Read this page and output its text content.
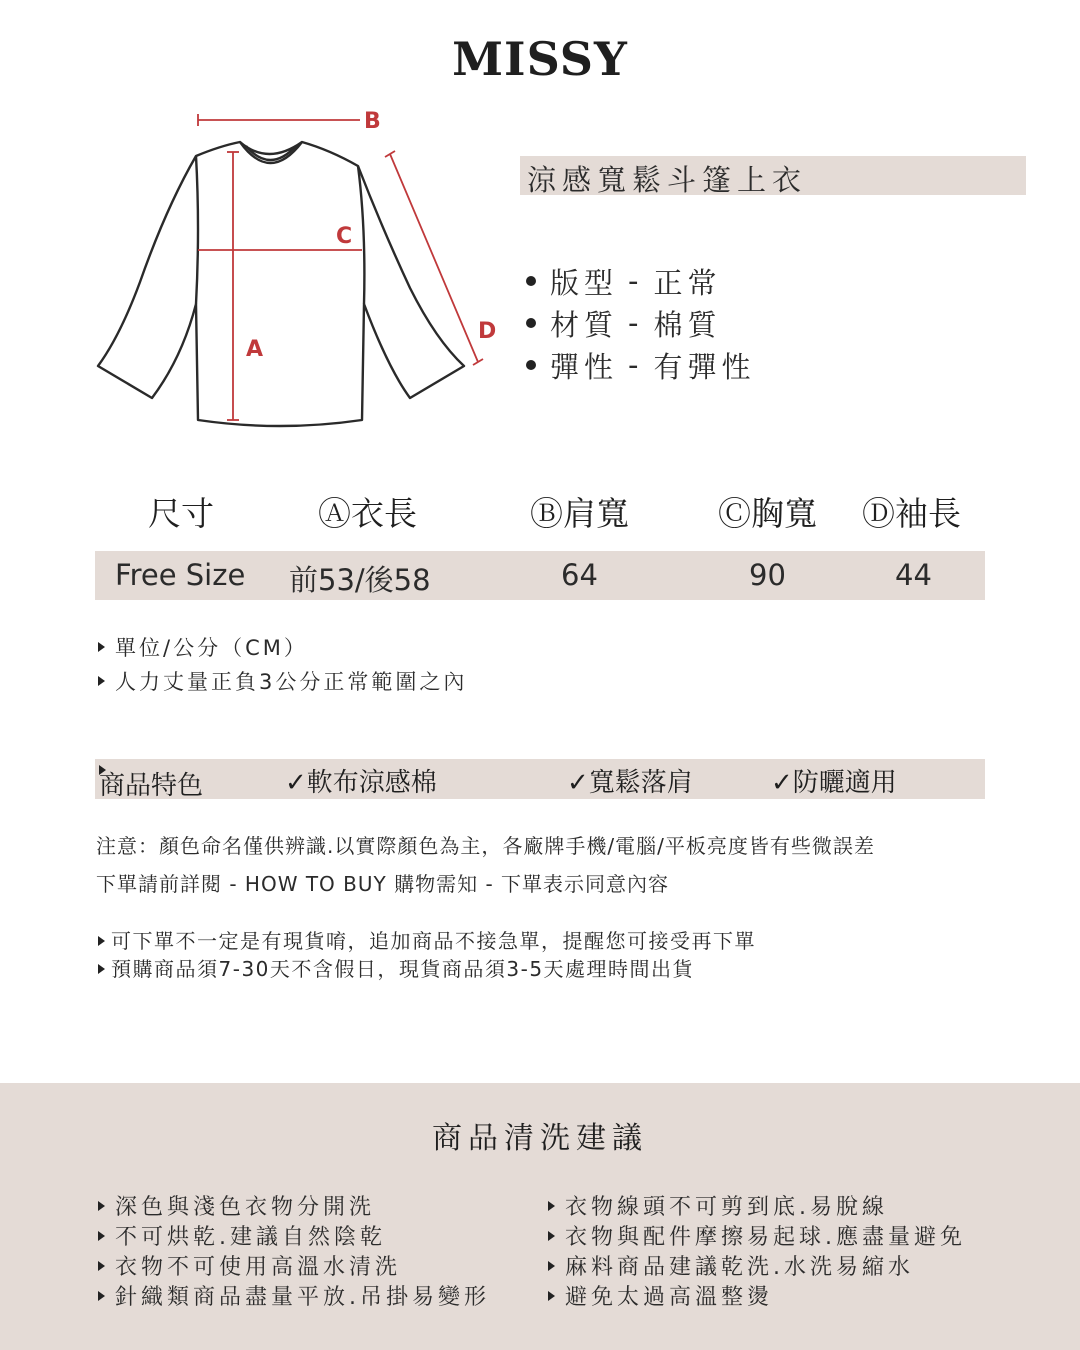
MISSY
B
C
A
D
涼感寬鬆斗篷上衣
版型 - 正常
材質 - 棉質
彈性 - 有彈性
尺寸	Ⓐ衣長	Ⓑ肩寬	Ⓒ胸寬 Ⓓ袖長
Free Size 前53/後58	64	90	44
單位/公分（CM）
人力丈量正負3公分正常範圍之內
商品特色	✓軟布涼感棉	✓寬鬆落肩	✓防曬適用
注意：顏色命名僅供辨識.以實際顏色為主，各廠牌手機/電腦/平板亮度皆有些微誤差
下單請前詳閱 - HOW TO BUY 購物需知 - 下單表示同意內容
可下單不一定是有現貨唷，追加商品不接急單，提醒您可接受再下單
預購商品須7-30天不含假日，現貨商品須3-5天處理時間出貨
商品清洗建議
深色與淺色衣物分開洗
不可烘乾.建議自然陰乾
衣物不可使用高溫水清洗
針織類商品盡量平放.吊掛易變形
衣物線頭不可剪到底.易脫線
衣物與配件摩擦易起球.應盡量避免
麻料商品建議乾洗.水洗易縮水
避免太過高溫整燙
